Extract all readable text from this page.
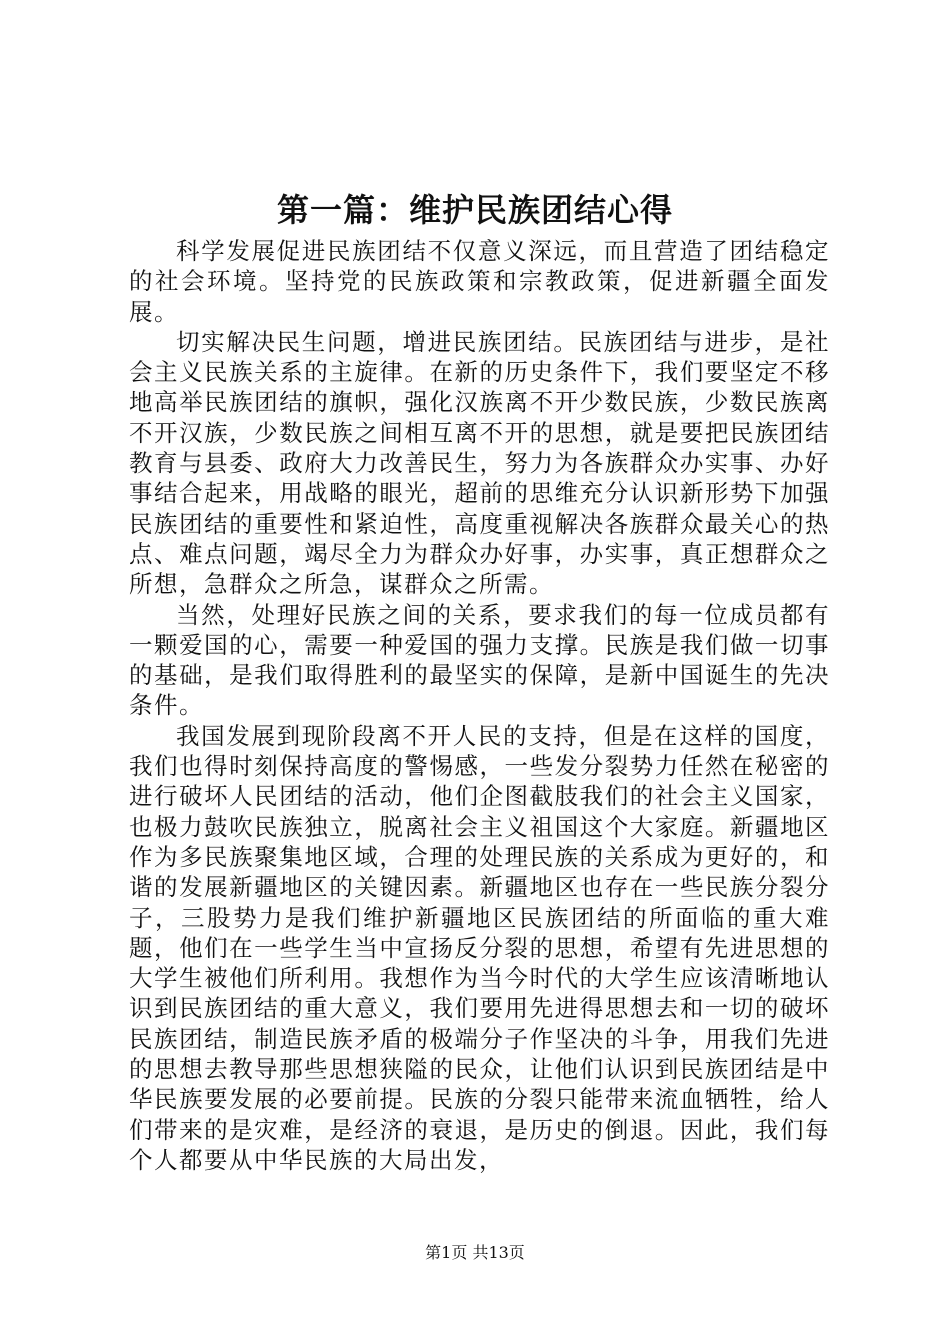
第一篇：维护民族团结心得

科学发展促进民族团结不仅意义深远，而且营造了团结稳定的社会环境。坚持党的民族政策和宗教政策，促进新疆全面发展。

切实解决民生问题，增进民族团结。民族团结与进步，是社会主义民族关系的主旋律。在新的历史条件下，我们要坚定不移地高举民族团结的旗帜，强化汉族离不开少数民族，少数民族离不开汉族，少数民族之间相互离不开的思想，就是要把民族团结教育与县委、政府大力改善民生，努力为各族群众办实事、办好事结合起来，用战略的眼光，超前的思维充分认识新形势下加强民族团结的重要性和紧迫性，高度重视解决各族群众最关心的热点、难点问题，竭尽全力为群众办好事，办实事，真正想群众之所想，急群众之所急，谋群众之所需。

当然，处理好民族之间的关系，要求我们的每一位成员都有一颗爱国的心，需要一种爱国的强力支撑。民族是我们做一切事的基础，是我们取得胜利的最坚实的保障，是新中国诞生的先决条件。

我国发展到现阶段离不开人民的支持，但是在这样的国度，我们也得时刻保持高度的警惕感，一些发分裂势力任然在秘密的进行破坏人民团结的活动，他们企图截肢我们的社会主义国家，也极力鼓吹民族独立，脱离社会主义祖国这个大家庭。新疆地区作为多民族聚集地区域，合理的处理民族的关系成为更好的，和谐的发展新疆地区的关键因素。新疆地区也存在一些民族分裂分子，三股势力是我们维护新疆地区民族团结的所面临的重大难题，他们在一些学生当中宣扬反分裂的思想，希望有先进思想的大学生被他们所利用。我想作为当今时代的大学生应该清晰地认识到民族团结的重大意义，我们要用先进得思想去和一切的破坏民族团结，制造民族矛盾的极端分子作坚决的斗争，用我们先进的思想去教导那些思想狭隘的民众，让他们认识到民族团结是中华民族要发展的必要前提。民族的分裂只能带来流血牺牲，给人们带来的是灾难，是经济的衰退，是历史的倒退。因此，我们每个人都要从中华民族的大局出发，

第1页 共13页
